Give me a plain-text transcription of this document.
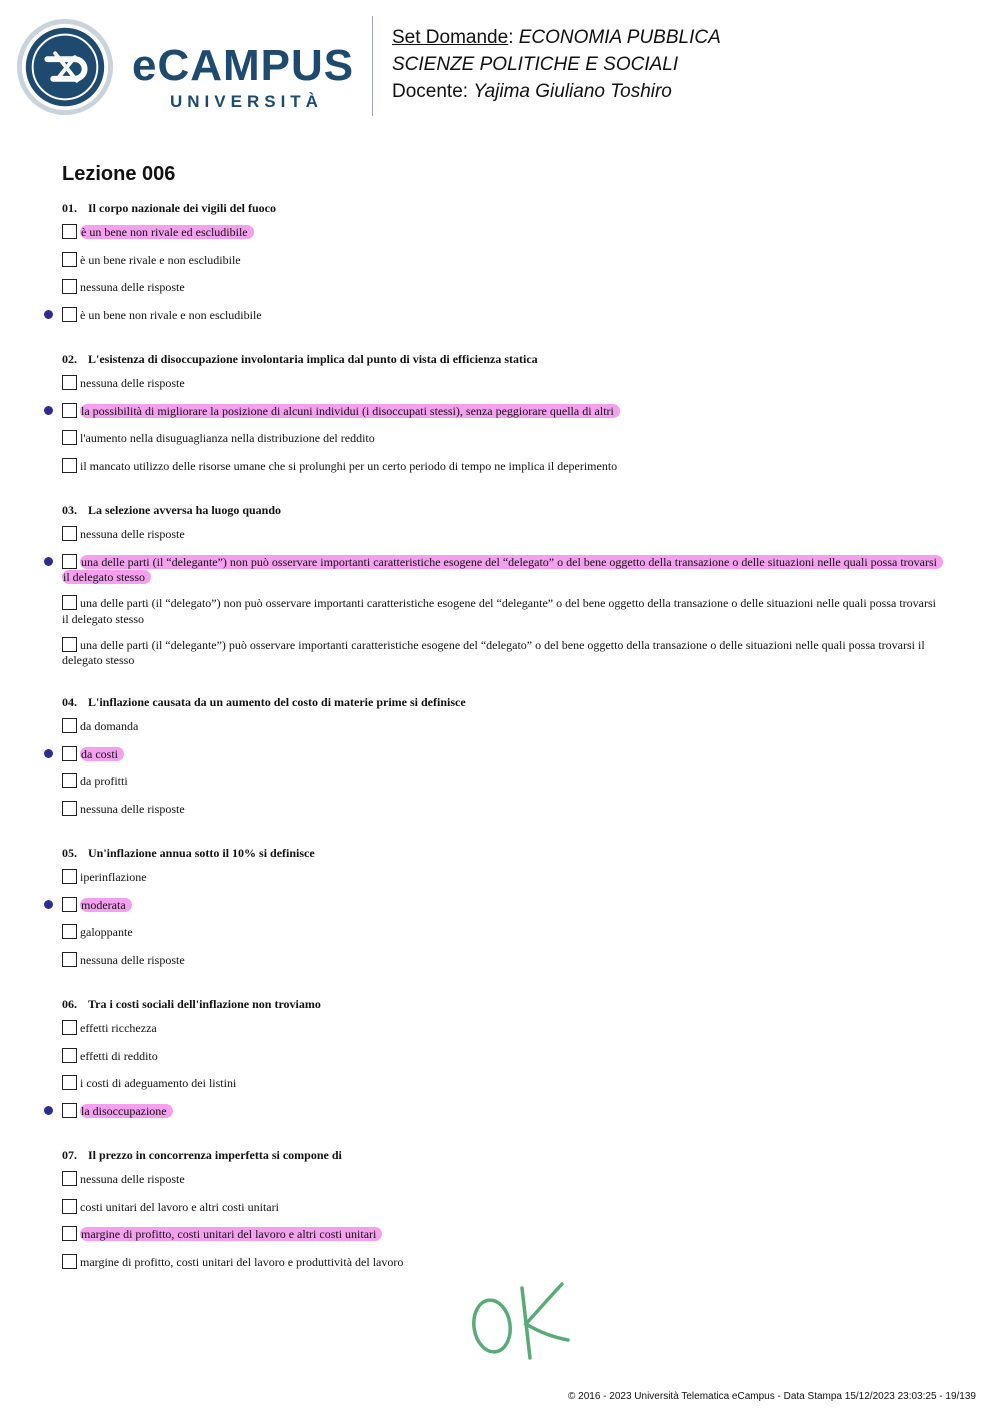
eCAMPUS
UNIVERSITÀ
Set Domande: ECONOMIA PUBBLICA
SCIENZE POLITICHE E SOCIALI
Docente: Yajima Giuliano Toshiro
Lezione 006
01. Il corpo nazionale dei vigili del fuoco
è un bene non rivale ed escludibile
è un bene rivale e non escludibile
nessuna delle risposte
è un bene non rivale e non escludibile
02. L'esistenza di disoccupazione involontaria implica dal punto di vista di efficienza statica
nessuna delle risposte
la possibilità di migliorare la posizione di alcuni individui (i disoccupati stessi), senza peggiorare quella di altri
l'aumento nella disuguaglianza nella distribuzione del reddito
il mancato utilizzo delle risorse umane che si prolunghi per un certo periodo di tempo ne implica il deperimento
03. La selezione avversa ha luogo quando
nessuna delle risposte
una delle parti (il “delegante”) non può osservare importanti caratteristiche esogene del “delegato” o del bene oggetto della transazione o delle situazioni nelle quali possa trovarsi il delegato stesso
una delle parti (il “delegato”) non può osservare importanti caratteristiche esogene del “delegante” o del bene oggetto della transazione o delle situazioni nelle quali possa trovarsi il delegato stesso
una delle parti (il “delegante”) può osservare importanti caratteristiche esogene del “delegato” o del bene oggetto della transazione o delle situazioni nelle quali possa trovarsi il delegato stesso
04. L'inflazione causata da un aumento del costo di materie prime si definisce
da domanda
da costi
da profitti
nessuna delle risposte
05. Un'inflazione annua sotto il 10% si definisce
iperinflazione
moderata
galoppante
nessuna delle risposte
06. Tra i costi sociali dell'inflazione non troviamo
effetti ricchezza
effetti di reddito
i costi di adeguamento dei listini
la disoccupazione
07. Il prezzo in concorrenza imperfetta si compone di
nessuna delle risposte
costi unitari del lavoro e altri costi unitari
margine di profitto, costi unitari del lavoro e altri costi unitari
margine di profitto, costi unitari del lavoro e produttività del lavoro
© 2016 - 2023 Università Telematica eCampus - Data Stampa 15/12/2023 23:03:25 - 19/139
